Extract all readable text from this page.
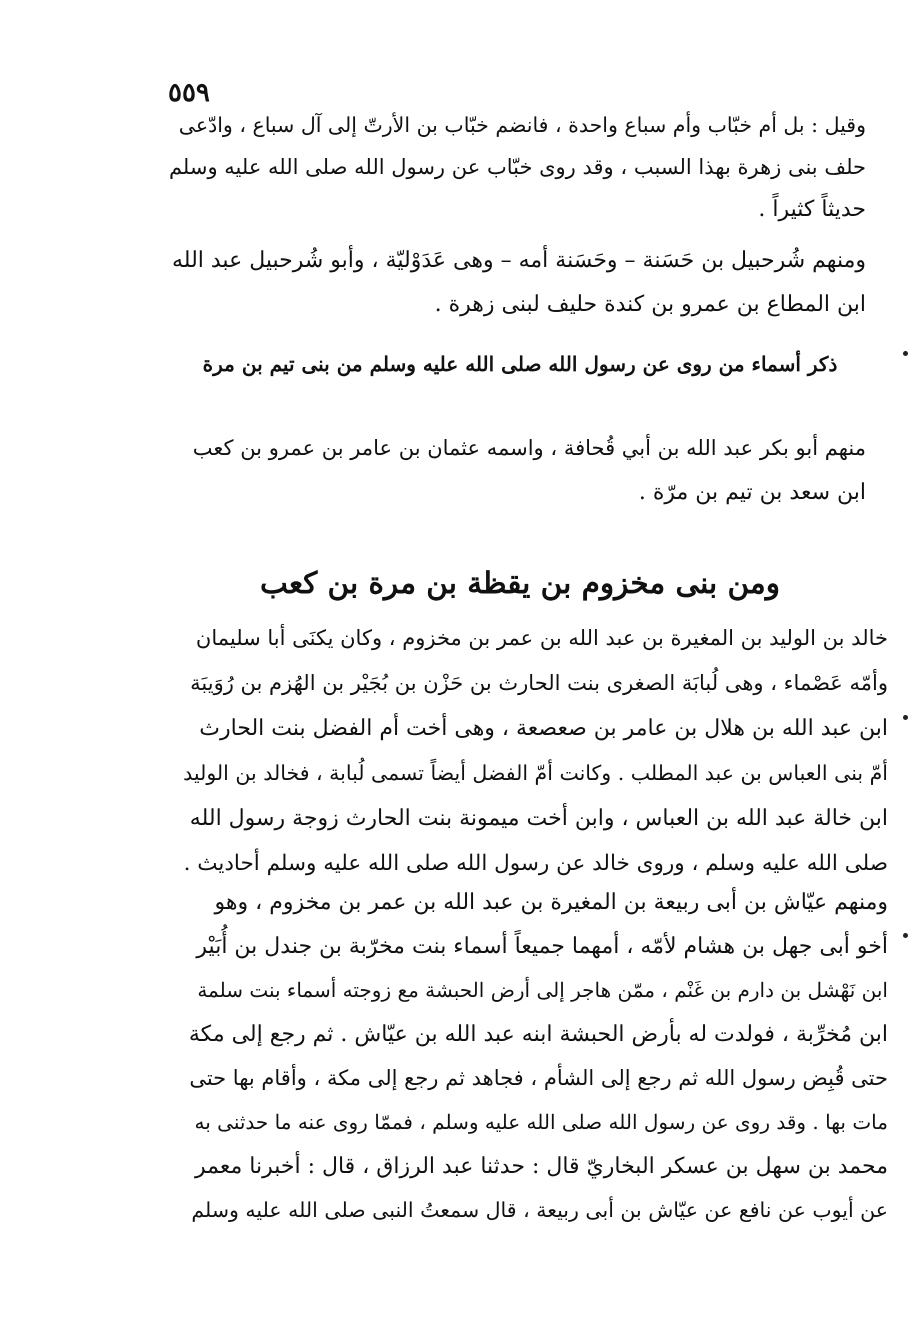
٥٥٩
وقيل : بل أم خبّاب وأم سباع واحدة ، فانضم خبّاب بن الأرتّ إلى آل سباع ، وادّعى
حلف بنى زهرة بهذا السبب ، وقد روى خبّاب عن رسول الله صلى الله عليه وسلم
حديثاً كثيراً .
ومنهم شُرحبيل بن حَسَنة – وحَسَنة أمه – وهى عَدَوْليّة ، وأبو شُرحبيل عبد الله
ابن المطاع بن عمرو بن كندة حليف لبنى زهرة .
ذكر أسماء من روى عن رسول الله صلى الله عليه وسلم من بنى تيم بن مرة
منهم أبو بكر عبد الله بن أبي قُحافة ، واسمه عثمان بن عامر بن عمرو بن كعب
ابن سعد بن تيم بن مرّة .
ومن بنى مخزوم بن يقظة بن مرة بن كعب
خالد بن الوليد بن المغيرة بن عبد الله بن عمر بن مخزوم ، وكان يكنَى أبا سليمان
وأمّه عَصْماء ، وهى لُبابَة الصغرى بنت الحارث بن حَزْن بن بُجَيْر بن الهُزم بن رُوَيبَة
ابن عبد الله بن هلال بن عامر بن صعصعة ، وهى أخت أم الفضل بنت الحارث
أمّ بنى العباس بن عبد المطلب . وكانت أمّ الفضل أيضاً تسمى لُبابة ، فخالد بن الوليد
ابن خالة عبد الله بن العباس ، وابن أخت ميمونة بنت الحارث زوجة رسول الله
صلى الله عليه وسلم ، وروى خالد عن رسول الله صلى الله عليه وسلم أحاديث .
ومنهم عيّاش بن أبى ربيعة بن المغيرة بن عبد الله بن عمر بن مخزوم ، وهو
أخو أبى جهل بن هشام لأمّه ، أمهما جميعاً أسماء بنت مخرّبة بن جندل بن أُبَيْر
ابن نَهْشل بن دارم بن غَنْم ، ممّن هاجر إلى أرض الحبشة مع زوجته أسماء بنت سلمة
ابن مُخرِّبة ، فولدت له بأرض الحبشة ابنه عبد الله بن عيّاش . ثم رجع إلى مكة
حتى قُبِض رسول الله ثم رجع إلى الشأم ، فجاهد ثم رجع إلى مكة ، وأقام بها حتى
مات بها . وقد روى عن رسول الله صلى الله عليه وسلم ، فممّا روى عنه ما حدثنى به
محمد بن سهل بن عسكر البخاريّ قال : حدثنا عبد الرزاق ، قال : أخبرنا معمر
عن أيوب عن نافع عن عيّاش بن أبى ربيعة ، قال سمعتُ النبى صلى الله عليه وسلم
